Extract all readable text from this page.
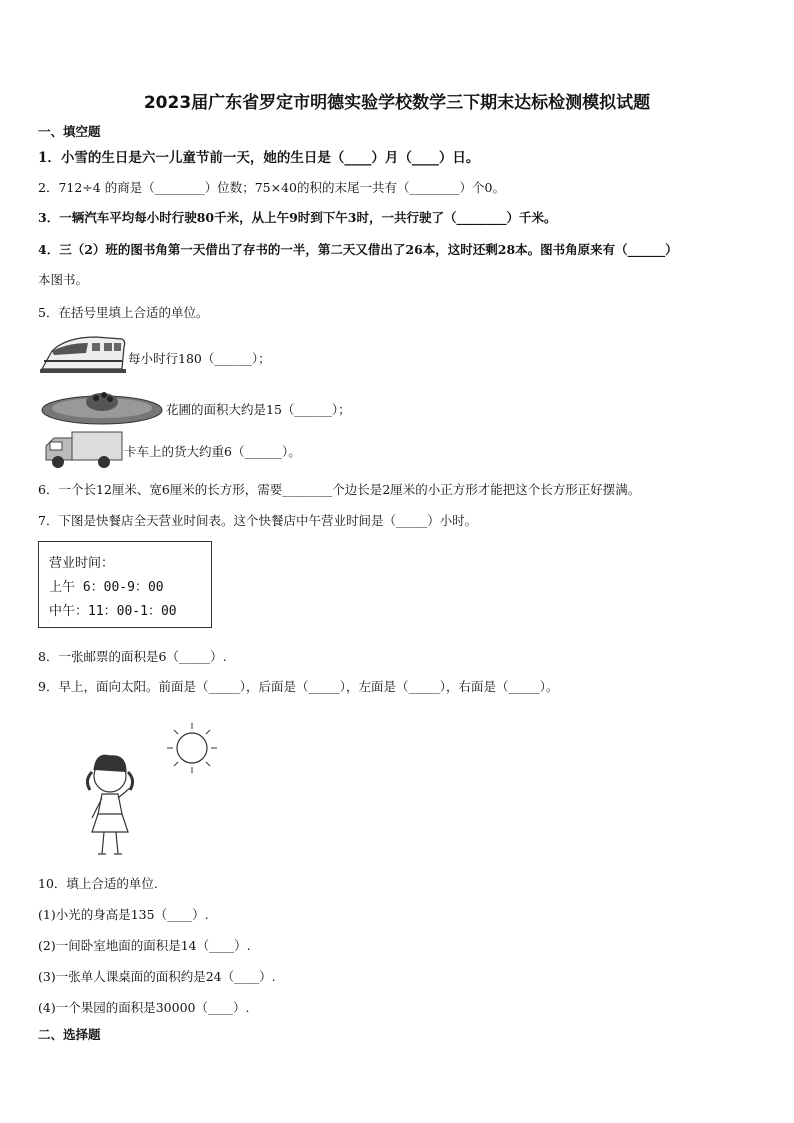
2023届广东省罗定市明德实验学校数学三下期末达标检测模拟试题
一、填空题
1．小雪的生日是六一儿童节前一天，她的生日是（____）月（____）日。
2．712÷4 的商是（________）位数；75×40的积的末尾一共有（________）个0。
3．一辆汽车平均每小时行驶80千米，从上午9时到下午3时，一共行驶了（________）千米。
4．三（2）班的图书角第一天借出了存书的一半，第二天又借出了26本，这时还剩28本。图书角原来有（______）
本图书。
5．在括号里填上合适的单位。
每小时行180（______）；
花圃的面积大约是15（______）；
卡车上的货大约重6（______）。
6．一个长12厘米、宽6厘米的长方形，需要________个边长是2厘米的小正方形才能把这个长方形正好摆满。
7．下图是快餐店全天营业时间表。这个快餐店中午营业时间是（_____）小时。
营业时间：
上午 6：00-9：00
中午：11：00-1：00
8．一张邮票的面积是6（_____）.
9．早上，面向太阳。前面是（_____），后面是（_____），左面是（_____），右面是（_____）。
10．填上合适的单位.
(1)小光的身高是135（____）.
(2)一间卧室地面的面积是14（____）.
(3)一张单人课桌面的面积约是24（____）.
(4)一个果园的面积是30000（____）.
二、选择题
